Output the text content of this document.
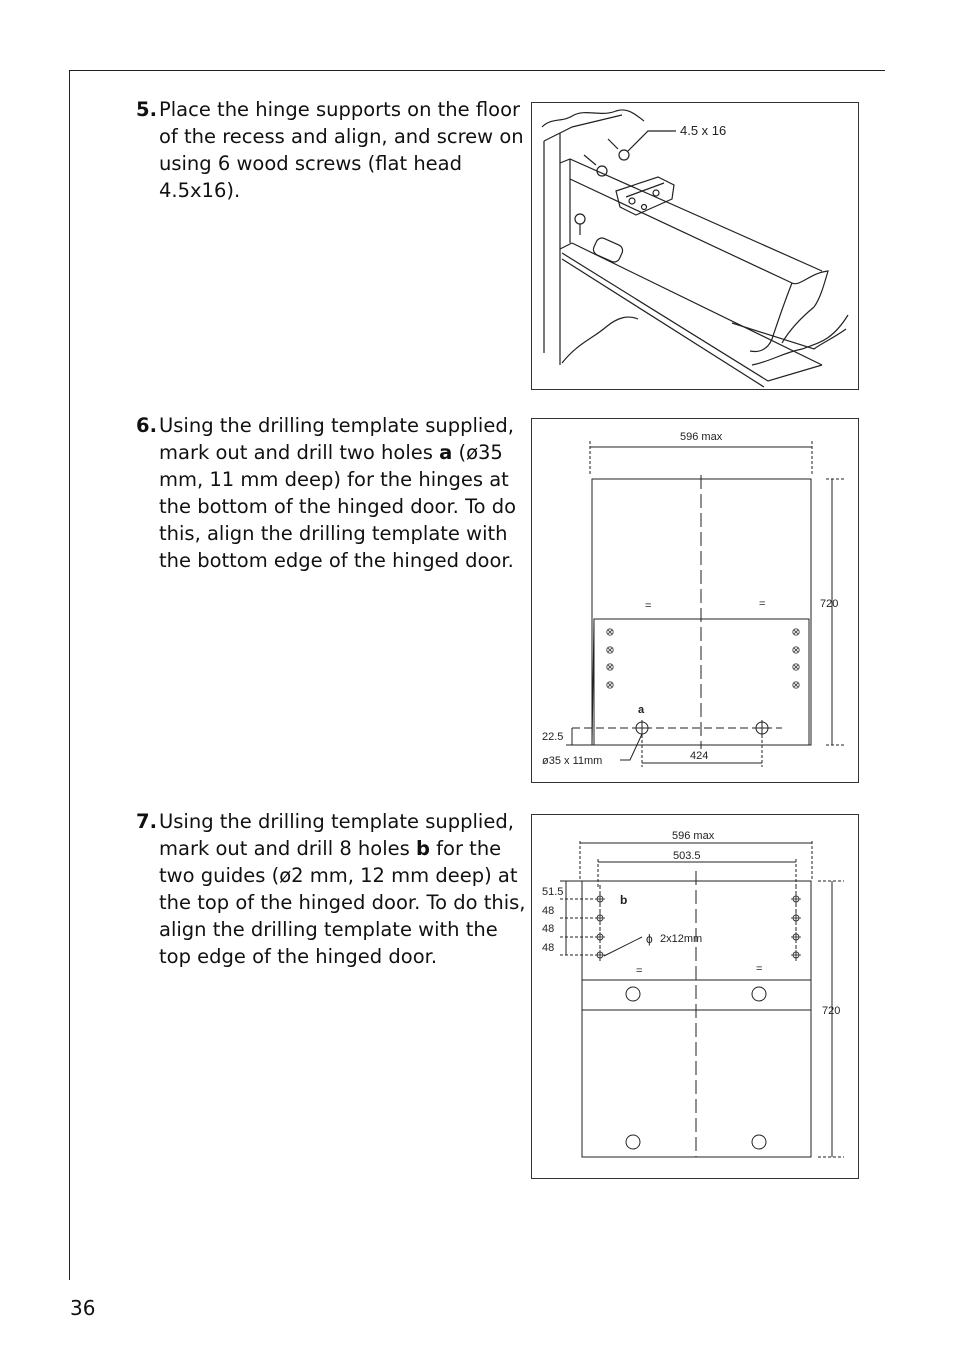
5. Place the hinge supports on the floor of the recess and align, and screw on using 6 wood screws (flat head 4.5x16).
6. Using the drilling template supplied, mark out and drill two holes a (ø35 mm, 11 mm deep) for the hinges at the bottom of the hinged door. To do this, align the drilling template with the bottom edge of the hinged door.
7. Using the drilling template supplied, mark out and drill 8 holes b for the two guides (ø2 mm, 12 mm deep) at the top of the hinged door. To do this, align the drilling template with the top edge of the hinged door.
4.5 x 16
596 max
720
=	=
a
22.5
424
ø35 x 11mm
596 max
503.5
51.5
48
48
48
b
ϕ 2x12mm
=	=
720
36
